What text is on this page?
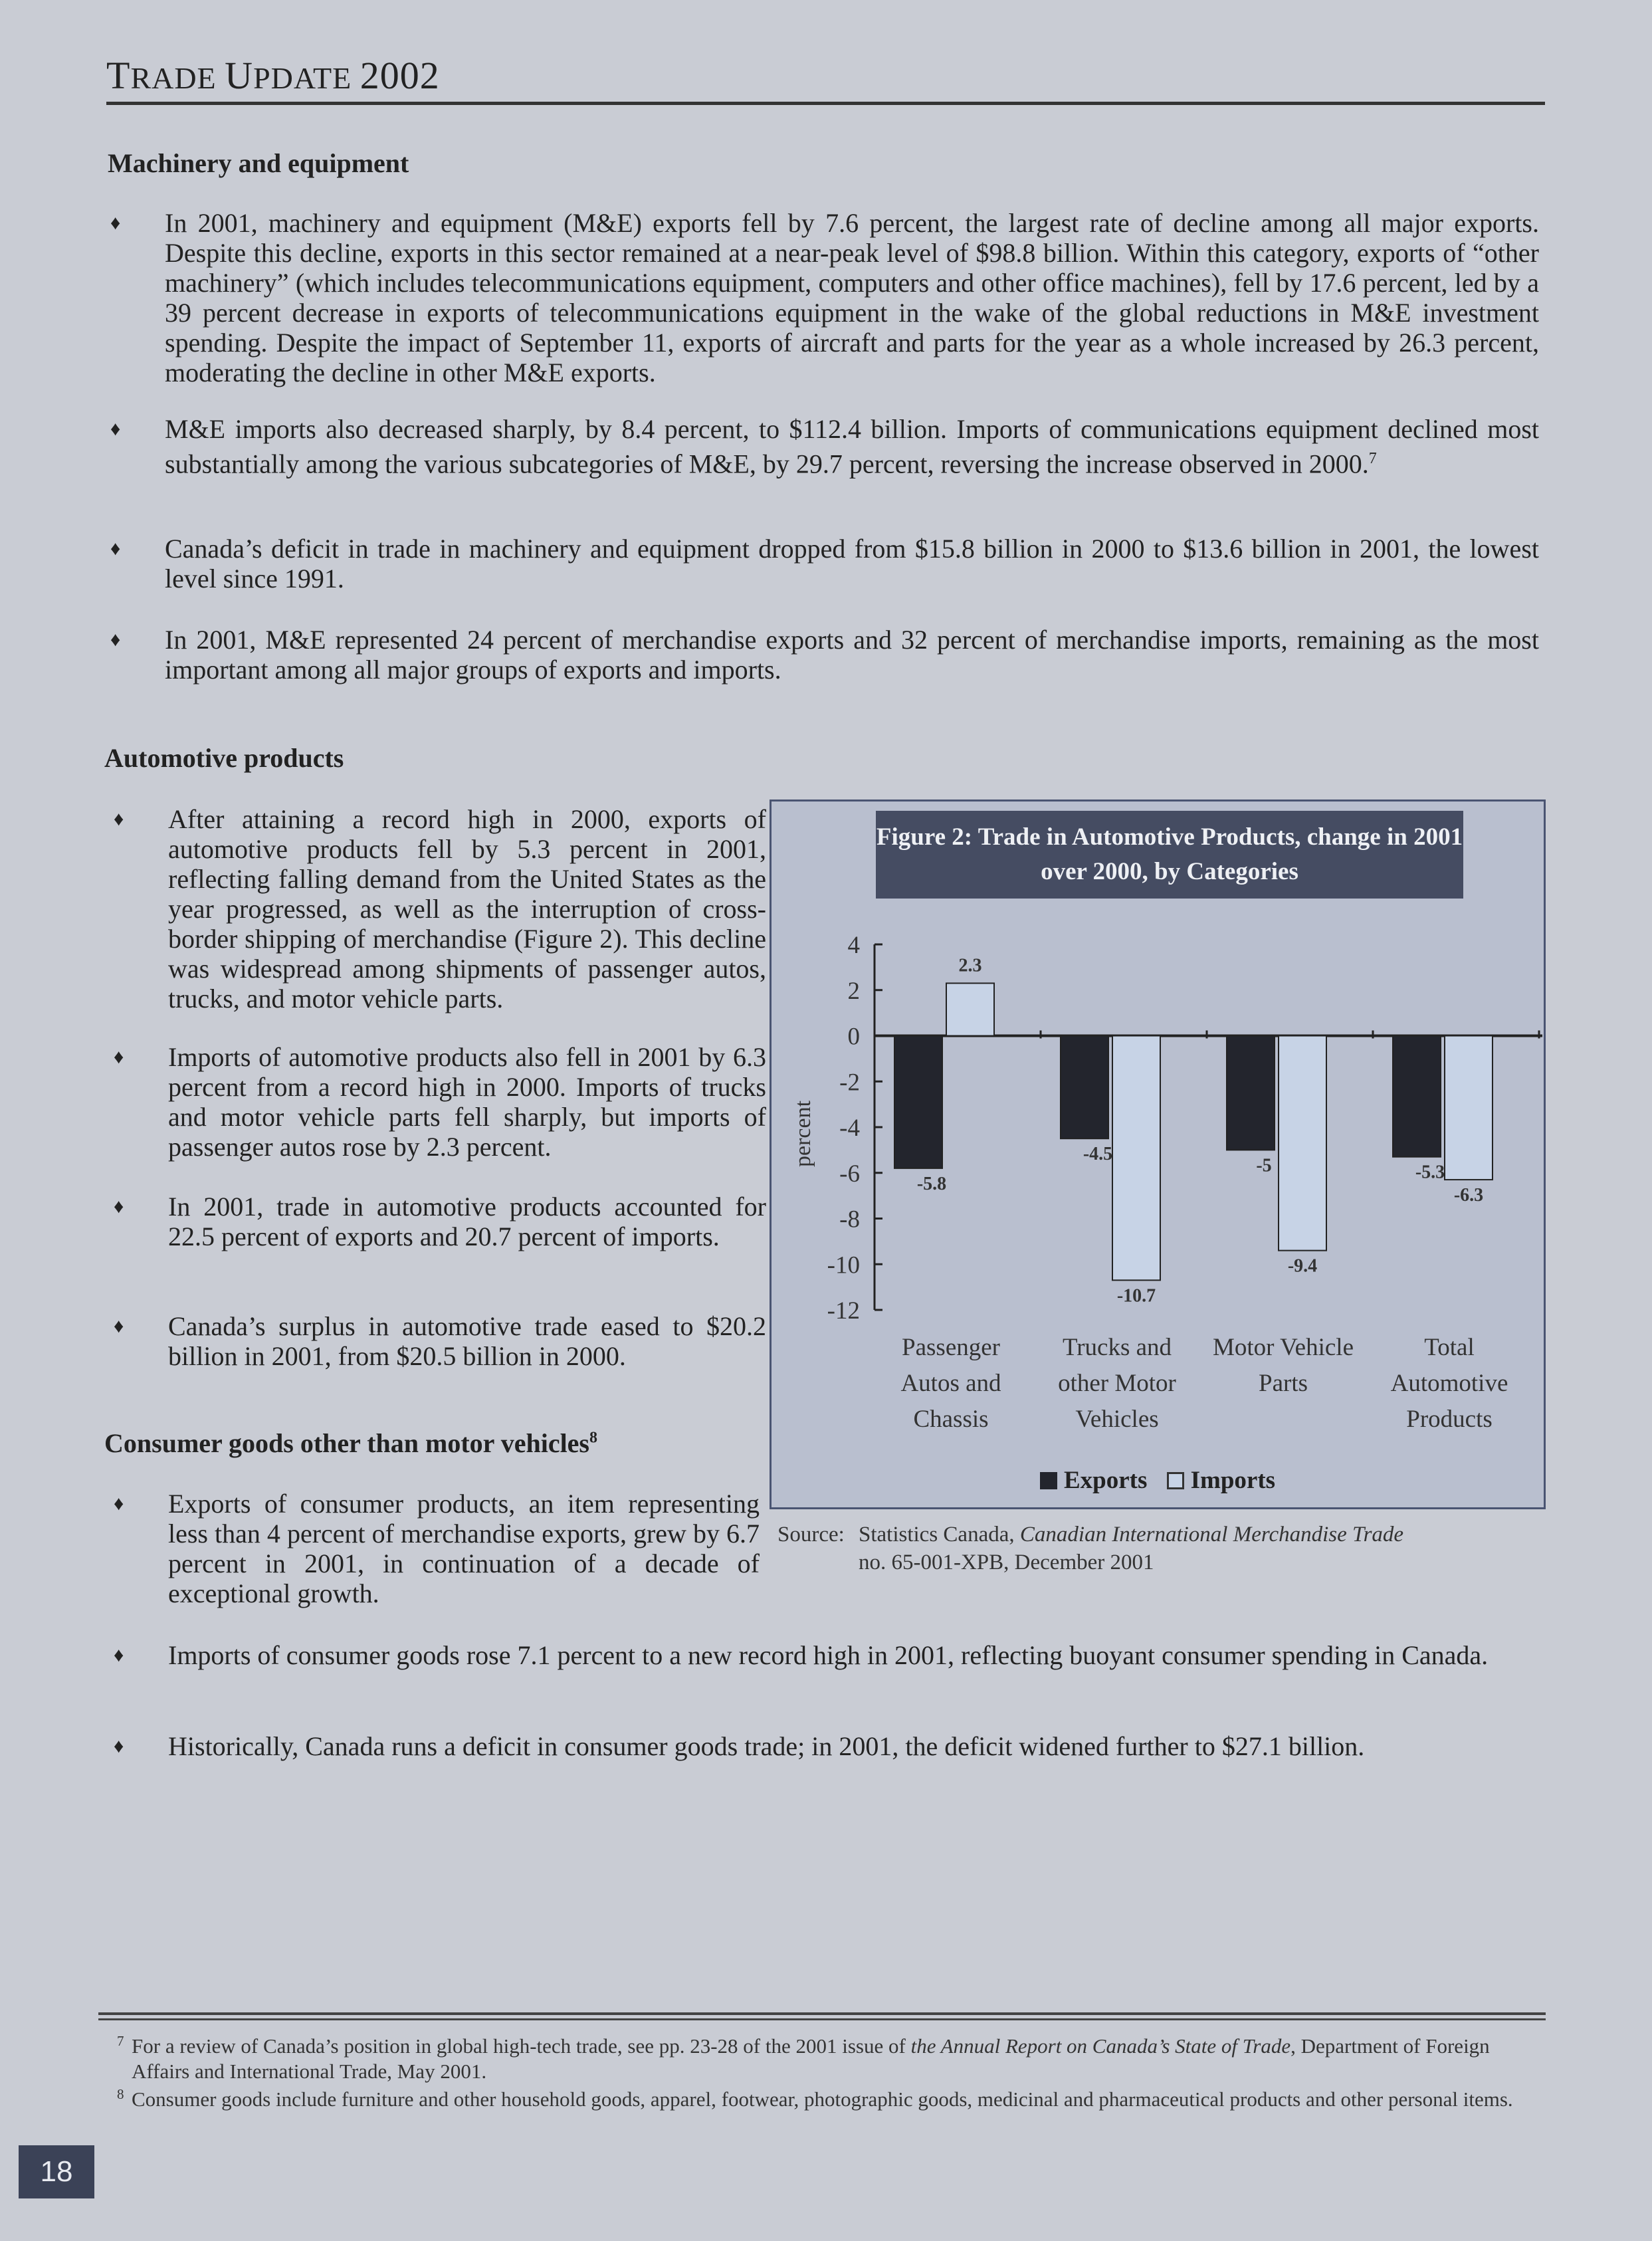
TRADE UPDATE 2002
Machinery and equipment
♦ In 2001, machinery and equipment (M&E) exports fell by 7.6 percent, the largest rate of decline among all major exports. Despite this decline, exports in this sector remained at a near-peak level of $98.8 billion. Within this category, exports of “other machinery” (which includes telecommunications equipment, computers and other office machines), fell by 17.6 percent, led by a 39 percent decrease in exports of telecommunications equipment in the wake of the global reductions in M&E investment spending. Despite the impact of September 11, exports of aircraft and parts for the year as a whole increased by 26.3 percent, moderating the decline in other M&E exports.
♦ M&E imports also decreased sharply, by 8.4 percent, to $112.4 billion. Imports of communications equipment declined most substantially among the various subcategories of M&E, by 29.7 percent, reversing the increase observed in 2000.$^7$
♦ Canada’s deficit in trade in machinery and equipment dropped from $15.8 billion in 2000 to $13.6 billion in 2001, the lowest level since 1991.
♦ In 2001, M&E represented 24 percent of merchandise exports and 32 percent of merchandise imports, remaining as the most important among all major groups of exports and imports.
Automotive products
♦ After attaining a record high in 2000, exports of automotive products fell by 5.3 percent in 2001, reflecting falling demand from the United States as the year progressed, as well as the interruption of cross-border shipping of merchandise (Figure 2). This decline was widespread among shipments of passenger autos, trucks, and motor vehicle parts.
♦ Imports of automotive products also fell in 2001 by 6.3 percent from a record high in 2000. Imports of trucks and motor vehicle parts fell sharply, but imports of passenger autos rose by 2.3 percent.
♦ In 2001, trade in automotive products accounted for 22.5 percent of exports and 20.7 percent of imports.
♦ Canada’s surplus in automotive trade eased to $20.2 billion in 2001, from $20.5 billion in 2000.
Figure 2: Trade in Automotive Products, change in 2001 over 2000, by Categories
4
2
0
-2
-4
-6
-8
-10
-12
percent
-5.8
2.3
-4.5
-10.7
-5
-9.4
-5.3
-6.3
Passenger
Autos and
Chassis
Trucks and
other Motor
Vehicles
Motor Vehicle
Parts
Total
Automotive
Products
Exports Imports
Source: Statistics Canada, Canadian International Merchandise Trade
no. 65-001-XPB, December 2001
Consumer goods other than motor vehicles$^8$
♦ Exports of consumer products, an item representing less than 4 percent of merchandise exports, grew by 6.7 percent in 2001, in continuation of a decade of exceptional growth.
♦ Imports of consumer goods rose 7.1 percent to a new record high in 2001, reflecting buoyant consumer spending in Canada.
♦ Historically, Canada runs a deficit in consumer goods trade; in 2001, the deficit widened further to $27.1 billion.
7 For a review of Canada’s position in global high-tech trade, see pp. 23-28 of the 2001 issue of the Annual Report on Canada’s State of Trade, Department of Foreign Affairs and International Trade, May 2001.
8 Consumer goods include furniture and other household goods, apparel, footwear, photographic goods, medicinal and pharmaceutical products and other personal items.
18
